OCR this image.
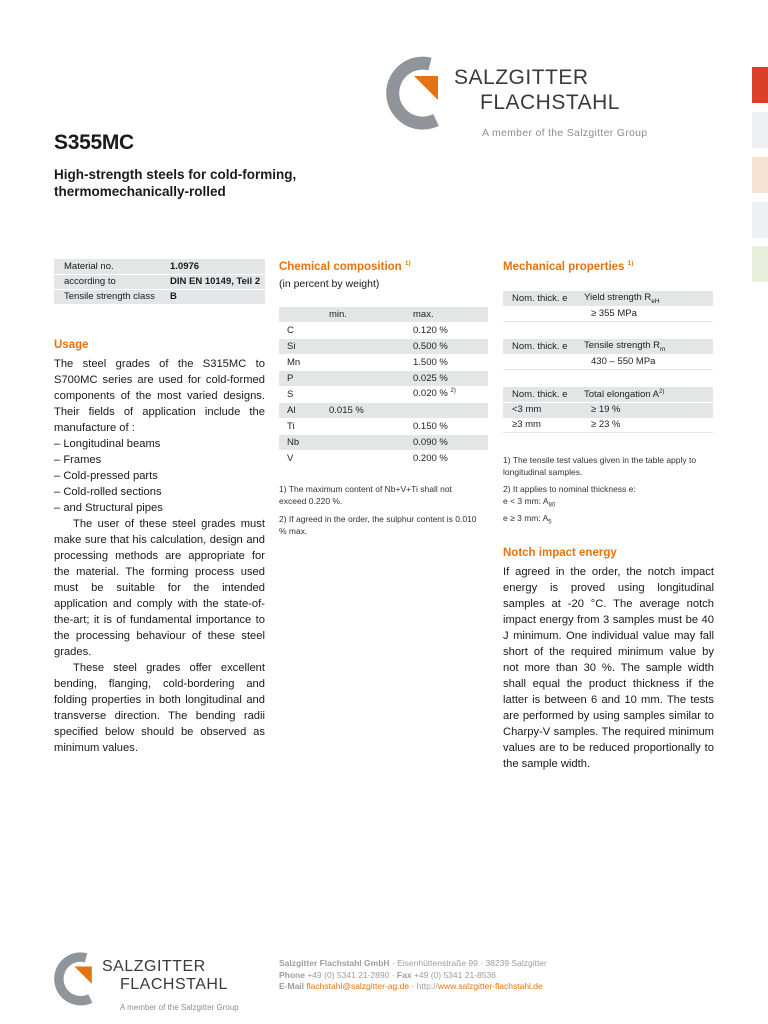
SALZGITTER
FLACHSTAHL
A member of the Salzgitter Group
S355MC
High-strength steels for cold-forming, thermomechanically-rolled
Material no.	1.0976
according to	DIN EN 10149, Teil 2
Tensile strength class	B
Usage

The steel grades of the S315MC to S700MC series are used for cold-formed components of the most varied designs. Their fields of application include the manufacture of :

– Longitudinal beams

– Frames

– Cold-pressed parts

– Cold-rolled sections

– and Structural pipes

The user of these steel grades must make sure that his calculation, design and processing methods are appropriate for the material. The forming process used must be suitable for the intended application and comply with the state-of-the-art; it is of fundamental importance to the processing behaviour of these steel grades.

These steel grades offer excellent bending, flanging, cold-bordering and folding properties in both longitudinal and transverse direction. The bending radii specified below should be observed as minimum values.

Chemical composition $^{1)}$
(in percent by weight)
	min.	max.
C		0.120 %
Si		0.500 %
Mn		1.500 %
P		0.025 %
S		0.020 % $^{2)}$
Al	0.015 %	
Ti		0.150 %
Nb		0.090 %
V		0.200 %
1) The maximum content of Nb+V+Ti shall not exceed 0.220 %.
2) If agreed in the order, the sulphur content is 0.010 % max.
Mechanical properties $^{1)}$
Nom. thick. e	Yield strength $R_{eH}$
	≥ 355 MPa
Nom. thick. e	Tensile strength $R_m$
	430 – 550 MPa
Nom. thick. e	Total elongation $A^{2)}$
<3 mm	≥ 19 %
≥3 mm	≥ 23 %
1) The tensile test values given in the table apply to longitudinal samples.
2) It applies to nominal thickness e:
e < 3 mm: $A_{80}$
e ≥ 3 mm: $A_5$
Notch impact energy
If agreed in the order, the notch impact energy is proved using longitudinal samples at -20 °C. The average notch impact energy from 3 samples must be 40 J minimum. One individual value may fall short of the required minimum value by not more than 30 %. The sample width shall equal the product thickness if the latter is between 6 and 10 mm. The tests are performed by using samples similar to Charpy-V samples. The required minimum values are to be reduced proportionally to the sample width.
SALZGITTER
FLACHSTAHL
A member of the Salzgitter Group
Salzgitter Flachstahl GmbH · Eisenhüttenstraße 99 · 38239 Salzgitter
Phone +49 (0) 5341 21-2890 · Fax +49 (0) 5341 21-8536
E-Mail flachstahl@salzgitter-ag.de · http://www.salzgitter-flachstahl.de
